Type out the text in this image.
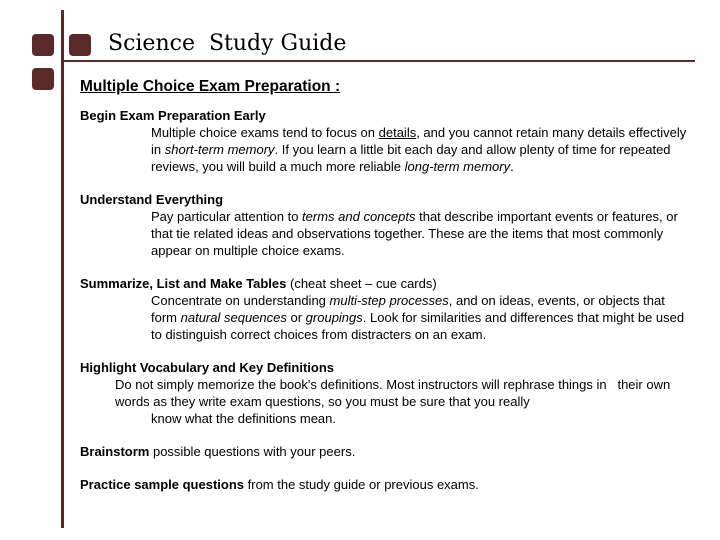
Science  Study Guide
Multiple Choice Exam Preparation :
Begin Exam Preparation Early
Multiple choice exams tend to focus on details, and you cannot retain many details effectively in short-term memory. If you learn a little bit each day and allow plenty of time for repeated reviews, you will build a much more reliable long-term memory.
Understand Everything
Pay particular attention to terms and concepts that describe important events or features, or that tie related ideas and observations together. These are the items that most commonly appear on multiple choice exams.
Summarize, List and Make Tables (cheat sheet – cue cards)
Concentrate on understanding multi-step processes, and on ideas, events, or objects that form natural sequences or groupings. Look for similarities and differences that might be used to distinguish correct choices from distracters on an exam.
Highlight Vocabulary and Key Definitions
Do not simply memorize the book's definitions. Most instructors will rephrase things in   their own words as they write exam questions, so you must be sure that you really
know what the definitions mean.
Brainstorm possible questions with your peers.
Practice sample questions from the study guide or previous exams.
